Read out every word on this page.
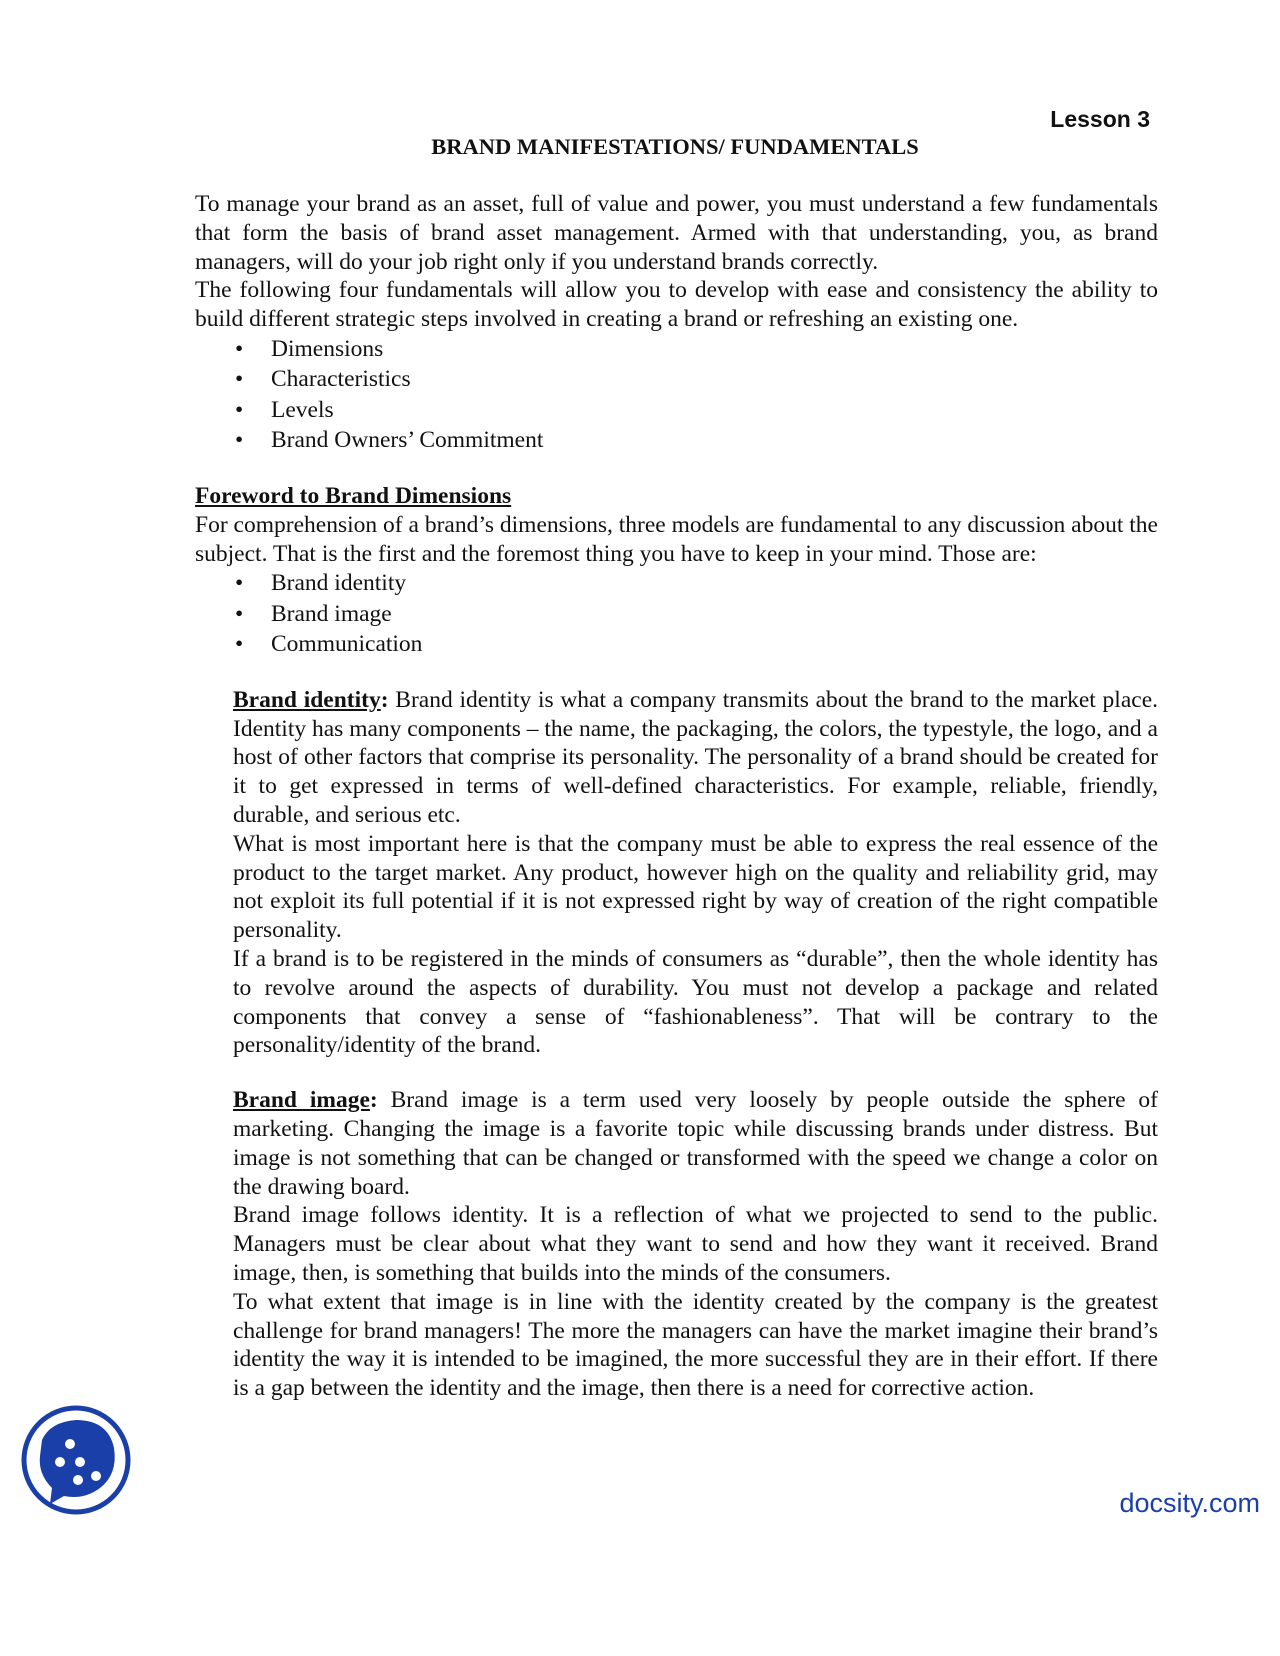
Lesson 3
BRAND MANIFESTATIONS/ FUNDAMENTALS

To manage your brand as an asset, full of value and power, you must understand a few fundamentals that form the basis of brand asset management. Armed with that understanding, you, as brand managers, will do your job right only if you understand brands correctly.

The following four fundamentals will allow you to develop with ease and consistency the ability to build different strategic steps involved in creating a brand or refreshing an existing one.

• Dimensions
• Characteristics
• Levels
• Brand Owners’ Commitment

Foreword to Brand Dimensions

For comprehension of a brand’s dimensions, three models are fundamental to any discussion about the subject. That is the first and the foremost thing you have to keep in your mind. Those are:

• Brand identity
• Brand image
• Communication

Brand identity: Brand identity is what a company transmits about the brand to the market place. Identity has many components – the name, the packaging, the colors, the typestyle, the logo, and a host of other factors that comprise its personality. The personality of a brand should be created for it to get expressed in terms of well-defined characteristics. For example, reliable, friendly, durable, and serious etc.

What is most important here is that the company must be able to express the real essence of the product to the target market. Any product, however high on the quality and reliability grid, may not exploit its full potential if it is not expressed right by way of creation of the right compatible personality.

If a brand is to be registered in the minds of consumers as “durable”, then the whole identity has to revolve around the aspects of durability. You must not develop a package and related components that convey a sense of “fashionableness”. That will be contrary to the personality/identity of the brand.

Brand image: Brand image is a term used very loosely by people outside the sphere of marketing. Changing the image is a favorite topic while discussing brands under distress. But image is not something that can be changed or transformed with the speed we change a color on the drawing board.

Brand image follows identity. It is a reflection of what we projected to send to the public. Managers must be clear about what they want to send and how they want it received. Brand image, then, is something that builds into the minds of the consumers.

To what extent that image is in line with the identity created by the company is the greatest challenge for brand managers! The more the managers can have the market imagine their brand’s identity the way it is intended to be imagined, the more successful they are in their effort. If there is a gap between the identity and the image, then there is a need for corrective action.

docsity.com
